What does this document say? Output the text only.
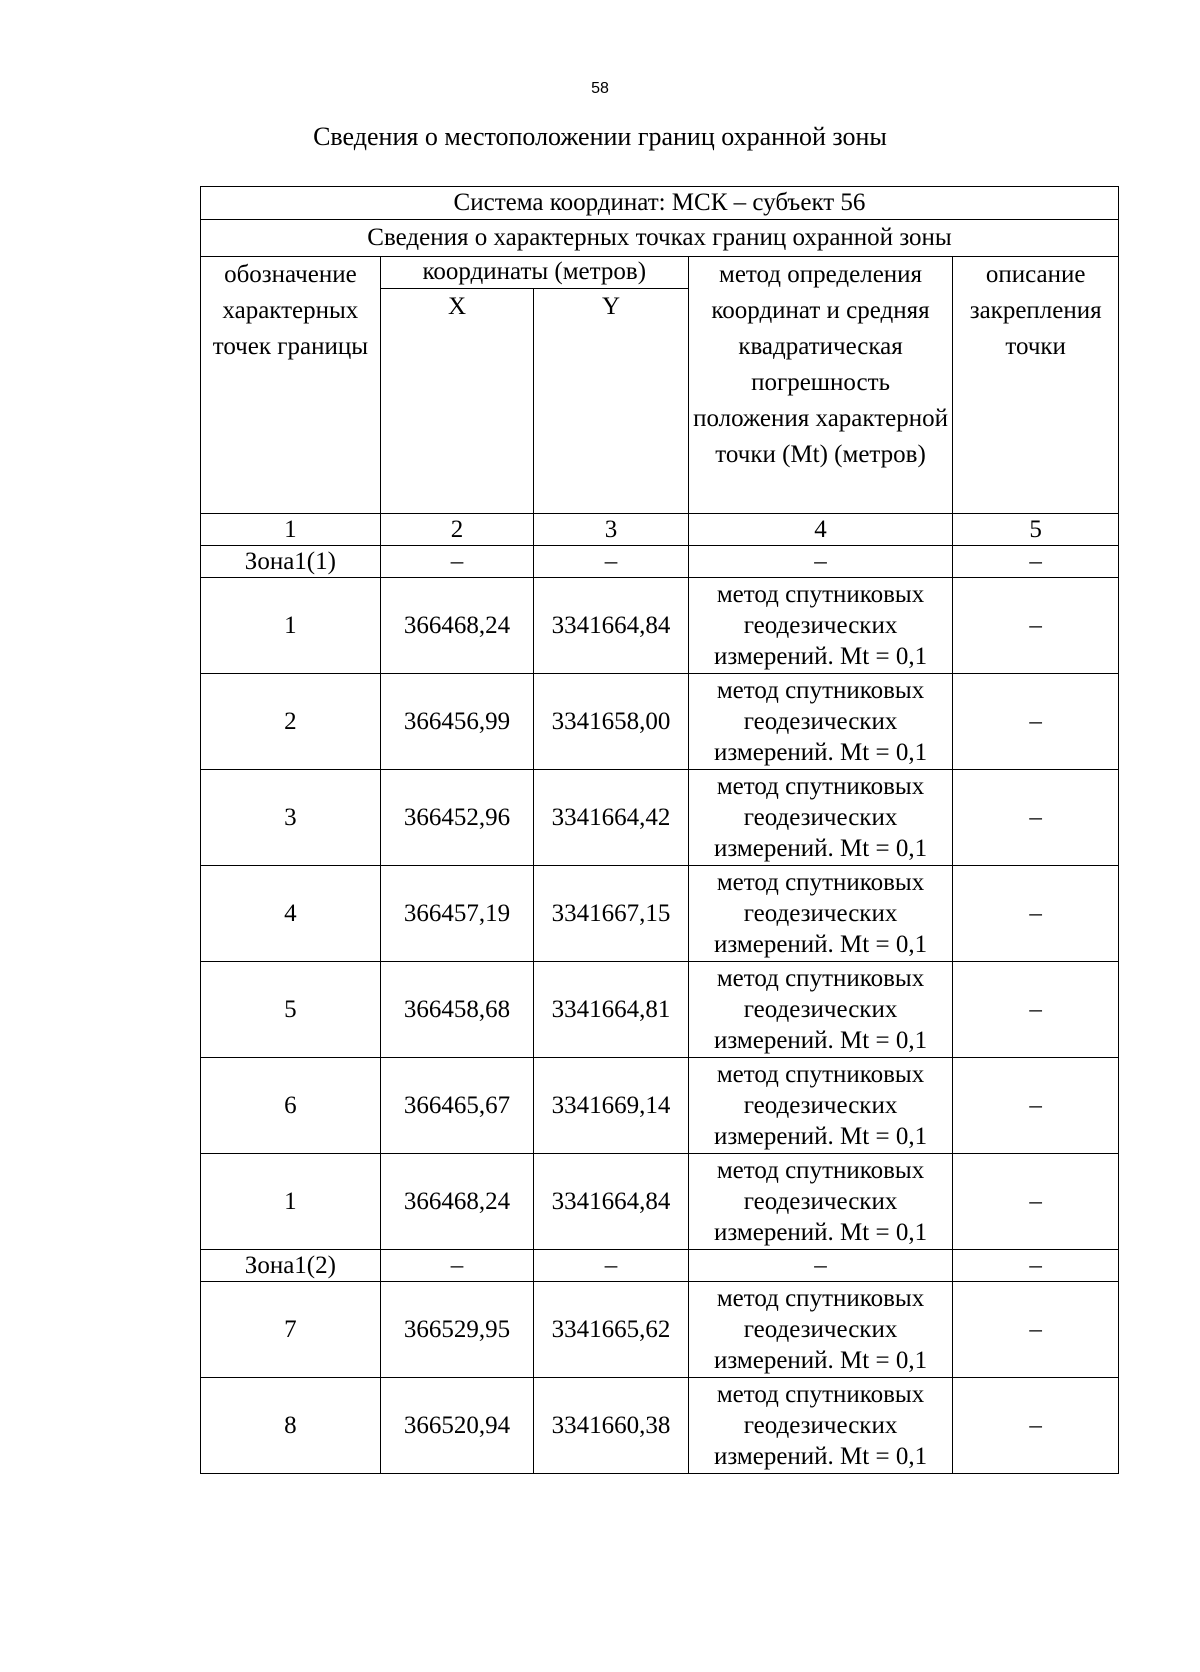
58
Сведения о местоположении границ охранной зоны
Система координат: МСК – субъект 56				
Сведения о характерных точках границ охранной зоны				
обозначение характерных точек границы	координаты (метров)		метод определения координат и средняя квадратическая погрешность положения характерной точки (Mt) (метров)	описание закрепления точки
	X	Y		
1	2	3	4	5
Зона1(1)	–	–	–	–
1	366468,24	3341664,84	метод спутниковых геодезических измерений. Mt = 0,1	–
2	366456,99	3341658,00	метод спутниковых геодезических измерений. Mt = 0,1	–
3	366452,96	3341664,42	метод спутниковых геодезических измерений. Mt = 0,1	–
4	366457,19	3341667,15	метод спутниковых геодезических измерений. Mt = 0,1	–
5	366458,68	3341664,81	метод спутниковых геодезических измерений. Mt = 0,1	–
6	366465,67	3341669,14	метод спутниковых геодезических измерений. Mt = 0,1	–
1	366468,24	3341664,84	метод спутниковых геодезических измерений. Mt = 0,1	–
Зона1(2)	–	–	–	–
7	366529,95	3341665,62	метод спутниковых геодезических измерений. Mt = 0,1	–
8	366520,94	3341660,38	метод спутниковых геодезических измерений. Mt = 0,1	–
